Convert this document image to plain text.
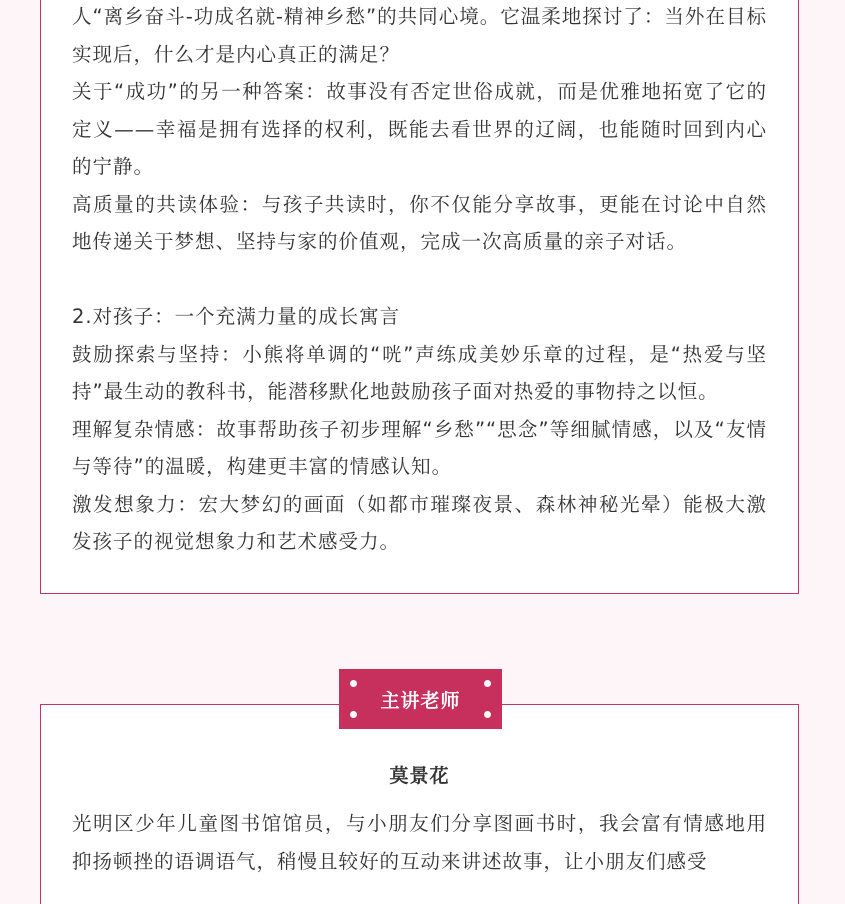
人“离乡奋斗-功成名就-精神乡愁”的共同心境。它温柔地探讨了：当外在目标实现后，什么才是内心真正的满足？

关于“成功”的另一种答案：故事没有否定世俗成就，而是优雅地拓宽了它的定义——幸福是拥有选择的权利，既能去看世界的辽阔，也能随时回到内心的宁静。

高质量的共读体验：与孩子共读时，你不仅能分享故事，更能在讨论中自然地传递关于梦想、坚持与家的价值观，完成一次高质量的亲子对话。

2.对孩子：一个充满力量的成长寓言

鼓励探索与坚持：小熊将单调的“咣”声练成美妙乐章的过程，是“热爱与坚持”最生动的教科书，能潜移默化地鼓励孩子面对热爱的事物持之以恒。

理解复杂情感：故事帮助孩子初步理解“乡愁”“思念”等细腻情感，以及“友情与等待”的温暖，构建更丰富的情感认知。

激发想象力：宏大梦幻的画面（如都市璀璨夜景、森林神秘光晕）能极大激发孩子的视觉想象力和艺术感受力。

莫景花

光明区少年儿童图书馆馆员，与小朋友们分享图画书时，我会富有情感地用抑扬顿挫的语调语气，稍慢且较好的互动来讲述故事，让小朋友们感受

主讲老师
